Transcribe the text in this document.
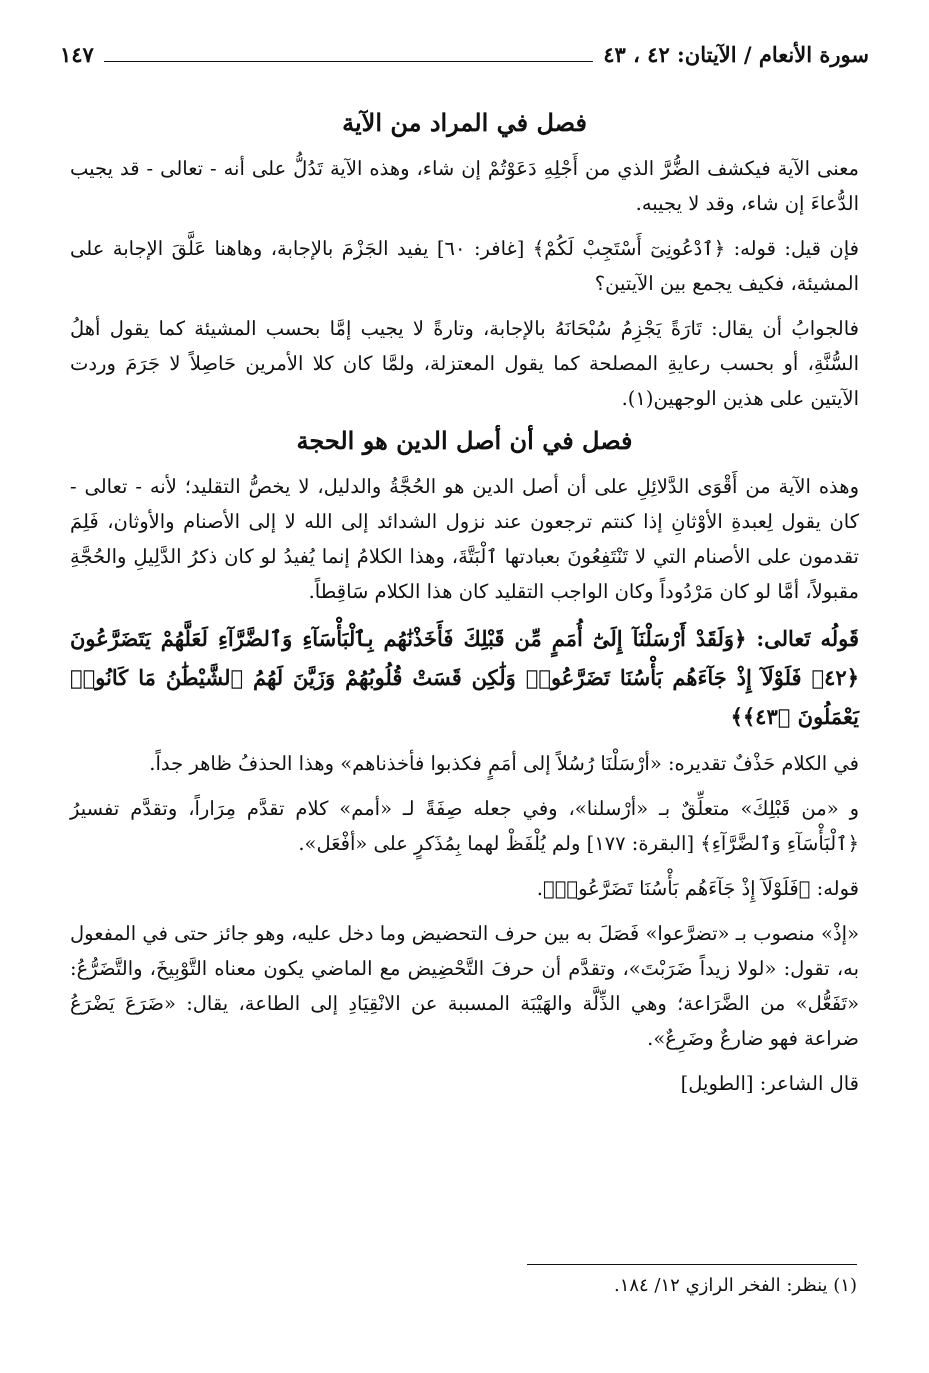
سورة الأنعام / الآيتان: ٤٢ ، ٤٣
١٤٧
فصل في المراد من الآية

معنى الآية فيكشف الضُّرَّ الذي من أَجْلِهِ دَعَوْتُمْ إن شاء، وهذه الآية تَدُلُّ على أنه - تعالى - قد يجيب الدُّعاءَ إن شاء، وقد لا يجيبه.

فإن قيل: قوله: ﴿ٱدْعُونِىٓ أَسْتَجِبْ لَكُمْ﴾ [غافر: ٦٠] يفيد الجَزْمَ بالإجابة، وهاهنا عَلَّقَ الإجابة على المشيئة، فكيف يجمع بين الآيتين؟

فالجوابُ أن يقال: تَارَةً يَجْزِمُ سُبْحَانَهُ بالإجابة، وتارةً لا يجيب إمَّا بحسب المشيئة كما يقول أهلُ السُّنَّةِ، أو بحسب رعايةِ المصلحة كما يقول المعتزلة، ولمَّا كان كلا الأمرين حَاصِلاً لا جَرَمَ وردت الآيتين على هذين الوجهين(١).

فصل في أن أصل الدين هو الحجة

وهذه الآية من أَقْوَى الدَّلائِلِ على أن أصل الدين هو الحُجَّةُ والدليل، لا يخصُّ التقليد؛ لأنه - تعالى - كان يقول لِعبدةِ الأوْثانِ إذا كنتم ترجعون عند نزول الشدائد إلى الله لا إلى الأصنام والأوثان، فَلِمَ تقدمون على الأصنام التي لا تَنْتَفِعُونَ بعبادتها ٱلْبَتَّةَ، وهذا الكلامُ إنما يُفيدُ لو كان ذكرُ الدَّلِيلِ والحُجَّةِ مقبولاً، أمَّا لو كان مَرْدُوداً وكان الواجب التقليد كان هذا الكلام سَاقِطاً.

قَولُه تَعالى: ﴿وَلَقَدْ أَرْسَلْنَآ إِلَىٰٓ أُمَمٍ مِّن قَبْلِكَ فَأَخَذْنَٰهُم بِٱلْبَأْسَآءِ وَٱلضَّرَّآءِ لَعَلَّهُمْ يَتَضَرَّعُونَ ﴿٤٢﴾ فَلَوْلَآ إِذْ جَآءَهُم بَأْسُنَا تَضَرَّعُوا۟ وَلَٰكِن قَسَتْ قُلُوبُهُمْ وَزَيَّنَ لَهُمُ ٱلشَّيْطَٰنُ مَا كَانُوا۟ يَعْمَلُونَ ﴿٤٣﴾﴾

في الكلام حَذْفٌ تقديره: «أرْسَلْنَا رُسُلاً إلى أمَمٍ فكذبوا فأخذناهم» وهذا الحذفُ ظاهر جداً.

و «من قَبْلِكَ» متعلِّقٌ بـ «أرْسلنا»، وفي جعله صِفَةً لـ «أمم» كلام تقدَّم مِرَاراً، وتقدَّم تفسيرُ ﴿ٱلْبَأْسَآءِ وَٱلضَّرَّآءِ﴾ [البقرة: ١٧٧] ولم يُلْفَظْ لهما بِمُذَكرٍ على «أفْعَل».

قوله: ﴿فَلَوْلَآ إِذْ جَآءَهُم بَأْسُنَا تَضَرَّعُوا۟﴾.

«إذْ» منصوب بـ «تضرَّعوا» فَصَلَ به بين حرف التحضيض وما دخل عليه، وهو جائز حتى في المفعول به، تقول: «لولا زيداً ضَرَبْتَ»، وتقدَّم أن حرفَ التَّحْضِيض مع الماضي يكون معناه التَّوْبِيخَ، والتَّضَرُّعُ: «تَفَعُّل» من الضَّرَاعة؛ وهي الذِّلَّة والهَيْبَة المسببة عن الانْقِيَادِ إلى الطاعة، يقال: «ضَرَعَ يَضْرَعُ ضراعة فهو ضارعٌ وضَرِعٌ».

قال الشاعر: [الطويل]

(١) ينظر: الفخر الرازي ١٢/ ١٨٤.
